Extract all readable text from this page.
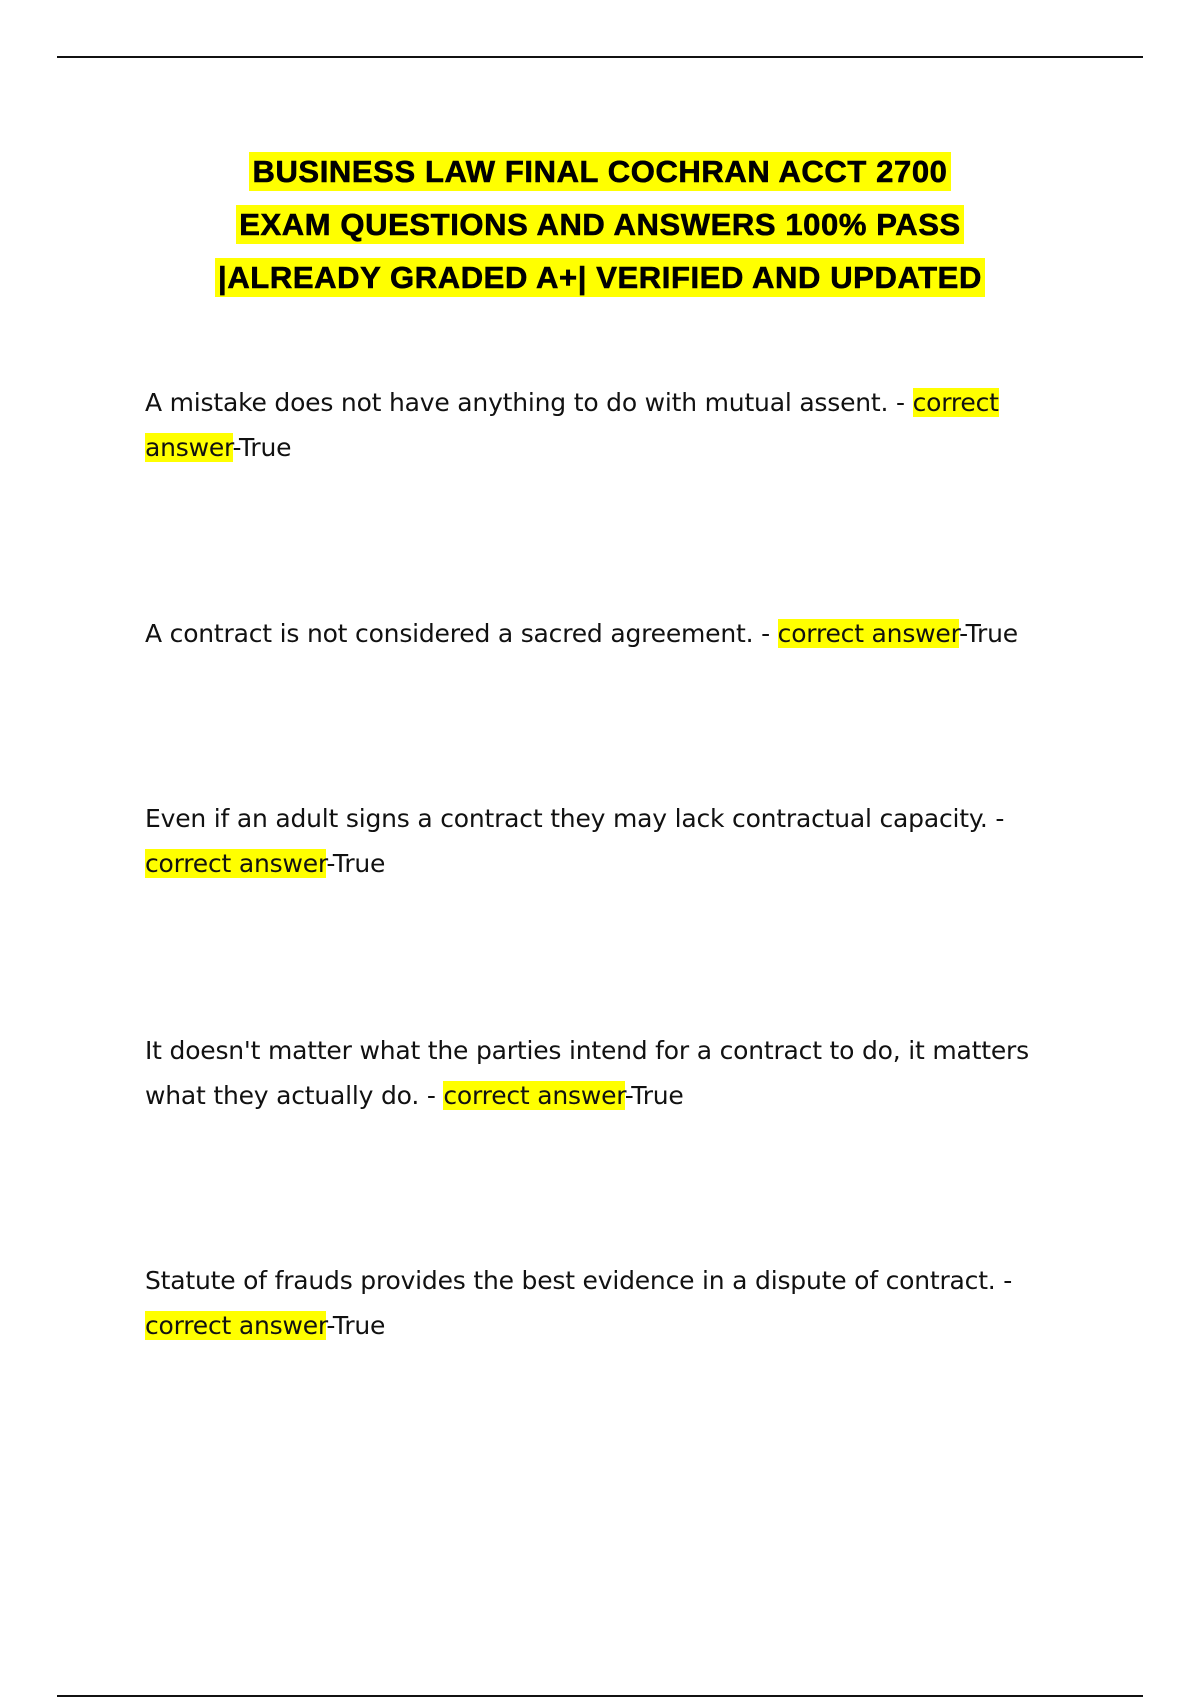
BUSINESS LAW FINAL COCHRAN ACCT 2700
EXAM QUESTIONS AND ANSWERS 100% PASS
|ALREADY GRADED A+| VERIFIED AND UPDATED
A mistake does not have anything to do with mutual assent. - correct answer-True
A contract is not considered a sacred agreement. - correct answer-True
Even if an adult signs a contract they may lack contractual capacity. - correct answer-True
It doesn't matter what the parties intend for a contract to do, it matters what they actually do. - correct answer-True
Statute of frauds provides the best evidence in a dispute of contract. - correct answer-True
